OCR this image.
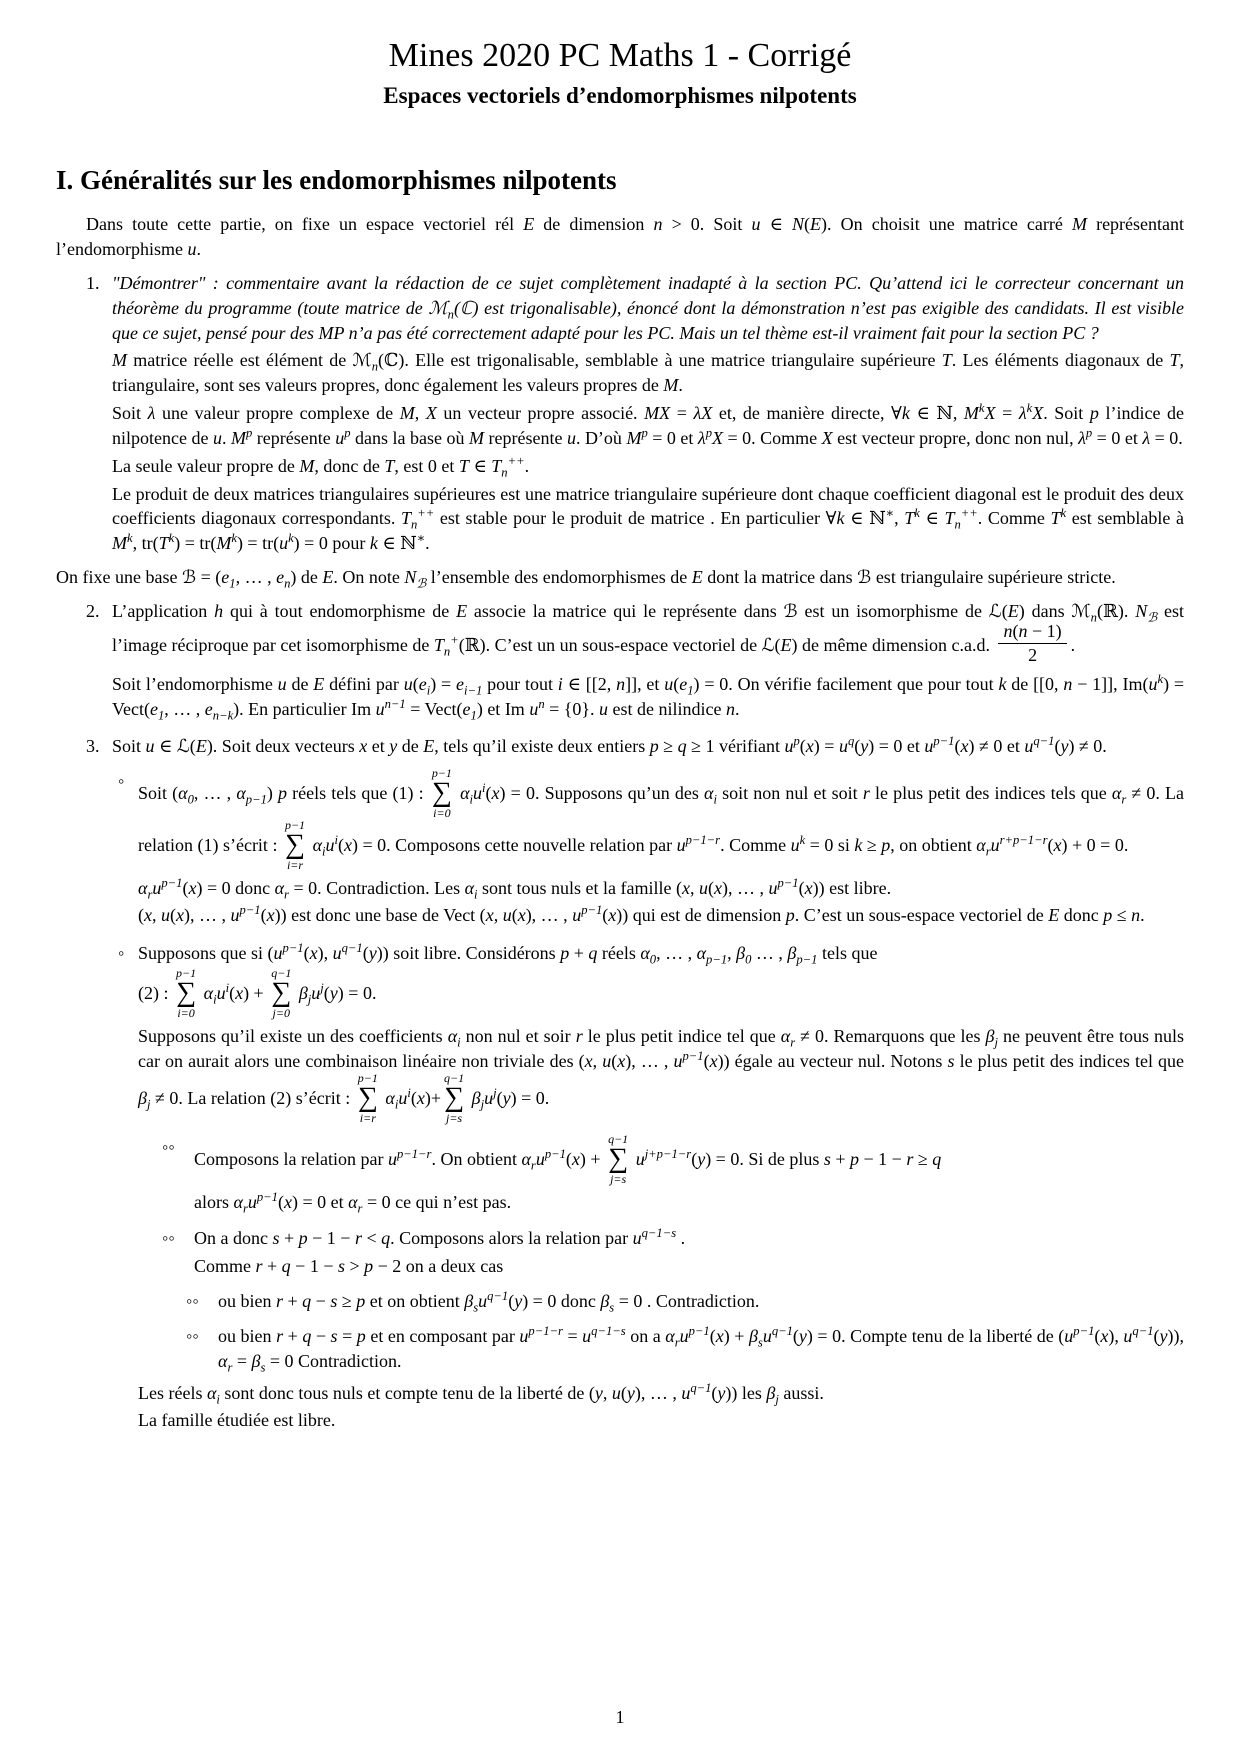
Mines 2020 PC Maths 1 - Corrigé
Espaces vectoriels d’endomorphismes nilpotents
I. Généralités sur les endomorphismes nilpotents

Dans toute cette partie, on fixe un espace vectoriel rél E de dimension n > 0. Soit u ∈ N(E). On choisit une matrice carré M représentant l’endomorphisme u.

1. "Démontrer" : commentaire avant la rédaction de ce sujet complètement inadapté à la section PC. Qu’attend ici le correcteur concernant un théorème du programme (toute matrice de ℳ$_n$(ℂ) est trigonalisable), énoncé dont la démonstration n’est pas exigible des candidats. Il est visible que ce sujet, pensé pour des MP n’a pas été correctement adapté pour les PC. Mais un tel thème est-il vraiment fait pour la section PC ?

M matrice réelle est élément de ℳ$_n$(ℂ). Elle est trigonalisable, semblable à une matrice triangulaire supérieure T. Les éléments diagonaux de T, triangulaire, sont ses valeurs propres, donc également les valeurs propres de M.

Soit λ une valeur propre complexe de M, X un vecteur propre associé. MX = λX et, de manière directe, ∀k ∈ ℕ, $M^kX = \lambda^kX$. Soit p l’indice de nilpotence de u. $M^p$ représente $u^p$ dans la base où M représente u. D’où $M^p = 0$ et $\lambda^pX = 0$. Comme X est vecteur propre, donc non nul, $\lambda^p = 0$ et λ = 0.

La seule valeur propre de M, donc de T, est 0 et T ∈ $T_n^{++}$.

Le produit de deux matrices triangulaires supérieures est une matrice triangulaire supérieure dont chaque coefficient diagonal est le produit des deux coefficients diagonaux correspondants. $T_n^{++}$ est stable pour le produit de matrice . En particulier ∀k ∈ ℕ∗, $T^k$ ∈ $T_n^{++}$. Comme $T^k$ est semblable à $M^k$, $tr(T^k) = tr(M^k) = tr(u^k) = 0$ pour k ∈ ℕ∗.

On fixe une base ℬ = ($e_1$, … , $e_n$) de E. On note $N_ℬ$ l’ensemble des endomorphismes de E dont la matrice dans ℬ est triangulaire supérieure stricte.

2. L’application h qui à tout endomorphisme de E associe la matrice qui le représente dans ℬ est un isomorphisme de ℒ(E) dans ℳ$_n$(ℝ). $N_ℬ$ est l’image réciproque par cet isomorphisme de $T_n^+(ℝ)$. C’est un un sous-espace vectoriel de ℒ(E) de même dimension c.a.d. $\frac{n(n - 1)}{2}$ .

Soit l’endomorphisme u de E défini par $u(e_i) = e_{i-1}$ pour tout i ∈ [[2, n]], et $u(e_1) = 0$. On vérifie facilement que pour tout k de [[0, n − 1]], $Im(u^k)$ = $Vect(e_1$, … , $e_{n-k}$). En particulier Im $u^{n-1}$ = $Vect(e_1)$ et Im $u^n = \{0\}$. u est de nilindice n.

3. Soit u ∈ ℒ(E). Soit deux vecteurs x et y de E, tels qu’il existe deux entiers p ≥ q ≥ 1 vérifiant $u^p(x) = u^q(y) = 0$ et $u^{p-1}(x) \ne 0$ et $u^{q-1}(y) \ne 0$.

◦

Soit ($\alpha_0$, … , $\alpha_{p-1}$) p réels tels que (1) :
p−1
∑
i=0
$\alpha_iu^i(x) = 0$. Supposons qu’un des $\alpha_i$ soit non nul et soit r le plus petit des indices tels que $\alpha_r \ne 0$. La relation (1) s’écrit :
p−1
∑
i=r
$\alpha_iu^i(x) = 0$. Composons cette nouvelle relation par $u^{p-1-r}$. Comme $u^k = 0$ si k ≥ p, on obtient $\alpha_ru^{r+p-1-r}(x) + 0 = 0$.

$\alpha_ru^{p-1}(x) = 0$ donc $\alpha_r = 0$. Contradiction. Les $\alpha_i$ sont tous nuls et la famille (x, u(x), … , $u^{p-1}(x)$) est libre.

(x, u(x), … , $u^{p-1}(x)$) est donc une base de Vect (x, u(x), … , $u^{p-1}(x)$) qui est de dimension p. C’est un sous-espace vectoriel de E donc p ≤ n.

◦ Supposons que si ($u^{p-1}(x)$, $u^{q-1}(y)$) soit libre. Considérons p + q réels $\alpha_0$, … , $\alpha_{p-1}$, $\beta_0$ … , $\beta_{p-1}$ tels que

(2) :
p−1
∑
i=0
$\alpha_iu^i(x)$ +
q−1
∑
j=0
$\beta_ju^j(y) = 0$.

Supposons qu’il existe un des coefficients $\alpha_i$ non nul et soir r le plus petit indice tel que $\alpha_r \ne 0$. Remarquons que les $\beta_j$ ne peuvent être tous nuls car on aurait alors une combinaison linéaire non triviale des (x, u(x), … , $u^{p-1}(x)$) égale au vecteur nul. Notons s le plus petit des indices tel que $\beta_j \ne 0$. La relation (2) s’écrit :
p−1
∑
i=r
$\alpha_iu^i(x)+$
q−1
∑
j=s
$\beta_ju^j(y) = 0$.

◦◦

Composons la relation par $u^{p-1-r}$. On obtient $\alpha_ru^{p-1}(x)$ +
q−1
∑
j=s
$u^{j+p-1-r}(y) = 0$. Si de plus s + p − 1 − r ≥ q

alors $\alpha_ru^{p-1}(x) = 0$ et $\alpha_r = 0$ ce qui n’est pas.

◦◦	On a donc s + p − 1 − r < q. Composons alors la relation par $u^{q-1-s}$ .

Comme r + q − 1 − s > p − 2 on a deux cas

◦◦	ou bien r + q − s ≥ p et on obtient $\beta_su^{q-1}(y) = 0$ donc $\beta_s = 0$ . Contradiction.

◦◦	ou bien r + q − s = p et en composant par $u^{p-1-r} = u^{q-1-s}$ on a $\alpha_ru^{p-1}(x) + \beta_su^{q-1}(y) = 0$. Compte tenu de la liberté de ($u^{p-1}(x)$, $u^{q-1}(y)$), $\alpha_r = \beta_s = 0$ Contradiction.

Les réels $\alpha_i$ sont donc tous nuls et compte tenu de la liberté de (y, u(y), … , $u^{q-1}(y)$) les $\beta_j$ aussi.

La famille étudiée est libre.

1
